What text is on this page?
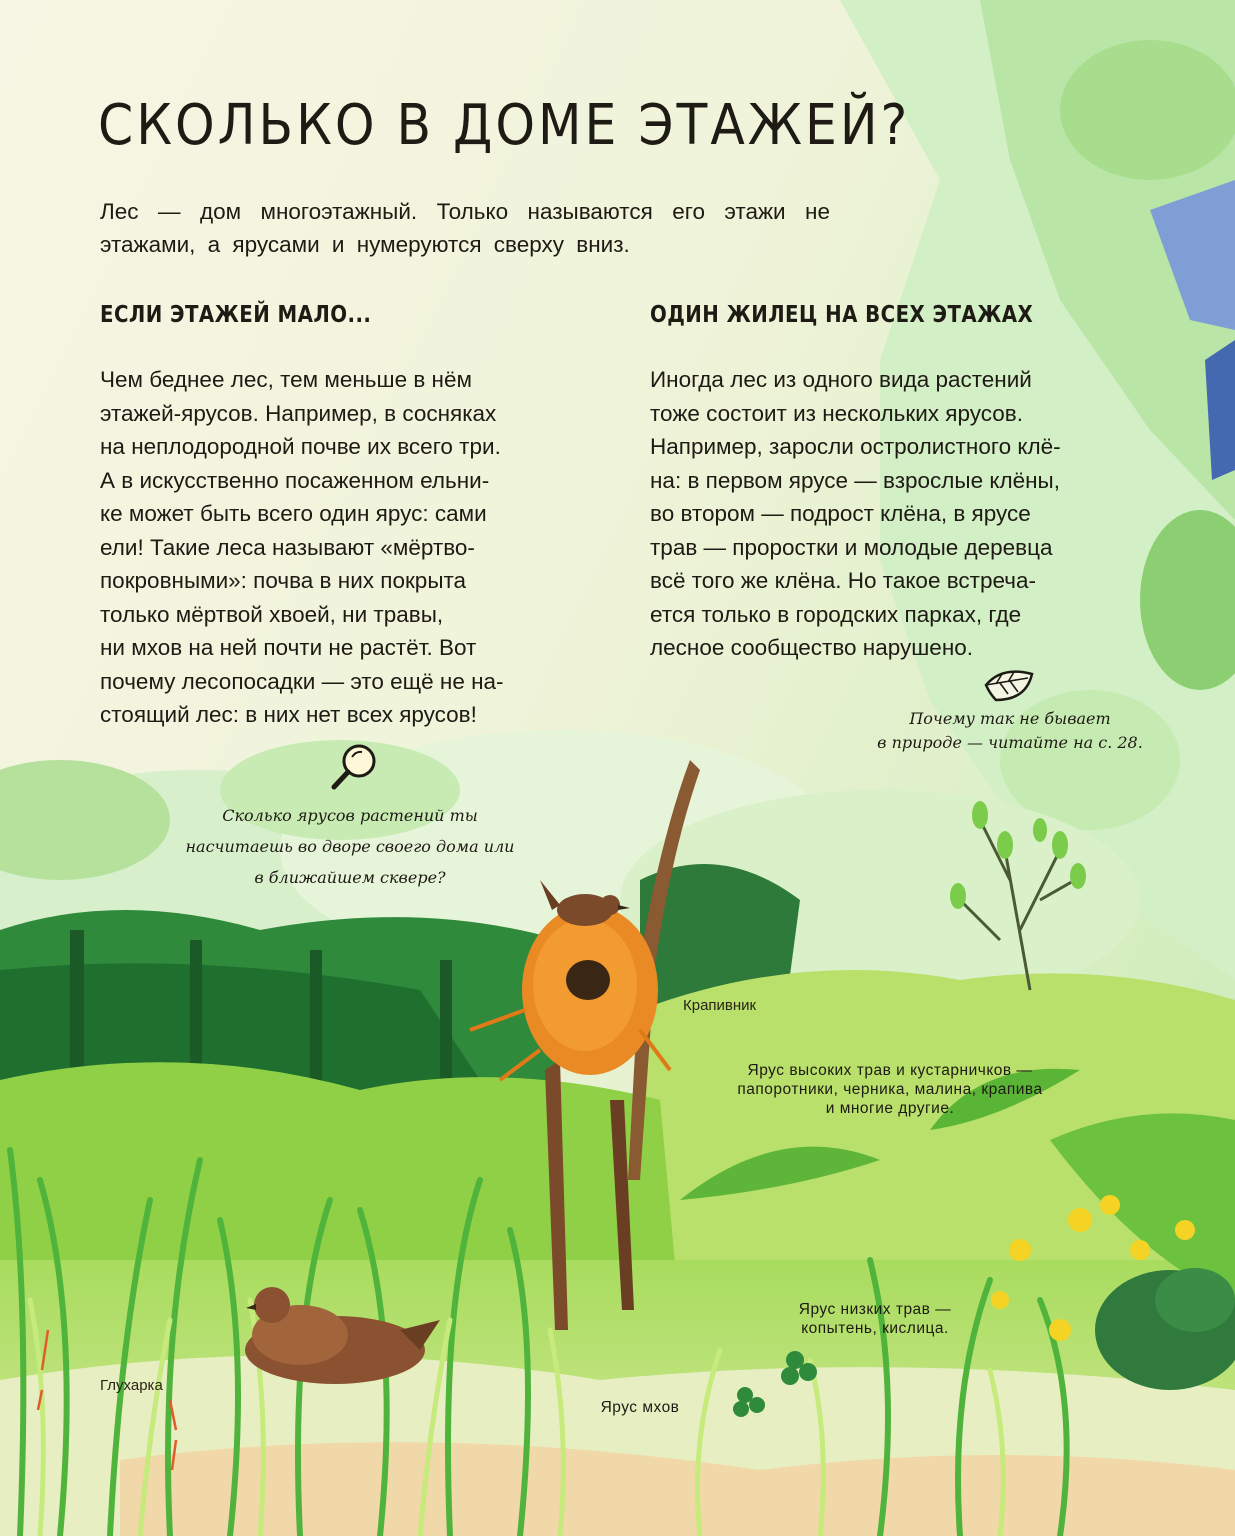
СКОЛЬКО В ДОМЕ ЭТАЖЕЙ?

Лес — дом многоэтажный. Только называются его этажи не этажами, а ярусами и нумеруются сверху вниз.

ЕСЛИ ЭТАЖЕЙ МАЛО...

Чем беднее лес, тем меньше в нём
этажей-ярусов. Например, в сосняках
на неплодородной почве их всего три.
А в искусственно посаженном ельни-
ке может быть всего один ярус: сами
ели! Такие леса называют «мёртво-
покровными»: почва в них покрыта
только мёртвой хвоей, ни травы,
ни мхов на ней почти не растёт. Вот
почему лесопосадки — это ещё не на-
стоящий лес: в них нет всех ярусов!

Сколько ярусов растений ты
насчитаешь во дворе своего дома или
в ближайшем сквере?

ОДИН ЖИЛЕЦ НА ВСЕХ ЭТАЖАХ

Иногда лес из одного вида растений
тоже состоит из нескольких ярусов.
Например, заросли остролистного клё-
на: в первом ярусе — взрослые клёны,
во втором — подрост клёна, в ярусе
трав — проростки и молодые деревца
всё того же клёна. Но такое встреча-
ется только в городских парках, где
лесное сообщество нарушено.

Почему так не бывает
в природе — читайте на с. 28.

Крапивник

Ярус высоких трав и кустарничков —
папоротники, черника, малина, крапива
и многие другие.

Ярус низких трав —
копытень, кислица.

Глухарка

Ярус мхов
